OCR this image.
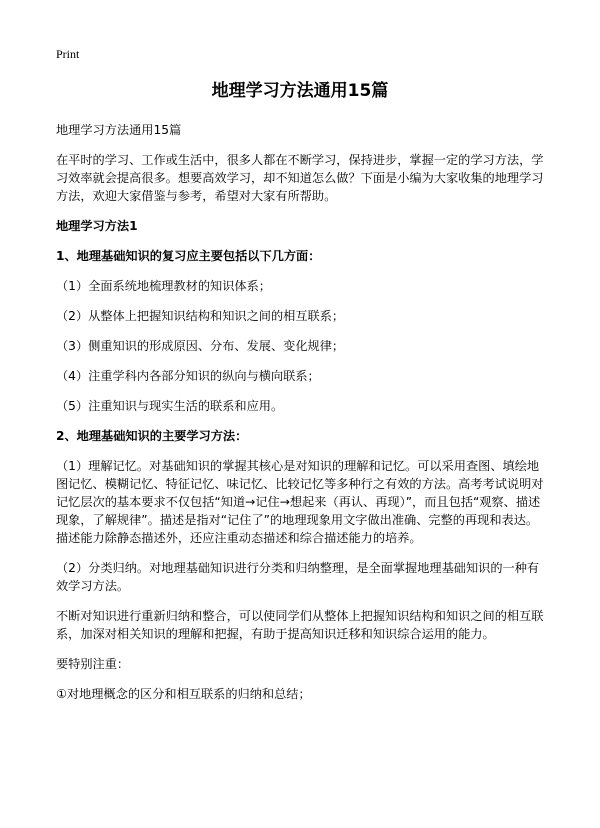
Print
地理学习方法通用15篇

地理学习方法通用15篇

在平时的学习、工作或生活中，很多人都在不断学习，保持进步，掌握一定的学习方法，学习效率就会提高很多。想要高效学习，却不知道怎么做？下面是小编为大家收集的地理学习方法，欢迎大家借鉴与参考，希望对大家有所帮助。

地理学习方法1

1、地理基础知识的复习应主要包括以下几方面：

（1）全面系统地梳理教材的知识体系；

（2）从整体上把握知识结构和知识之间的相互联系；

（3）侧重知识的形成原因、分布、发展、变化规律；

（4）注重学科内各部分知识的纵向与横向联系；

（5）注重知识与现实生活的联系和应用。

2、地理基础知识的主要学习方法：

（1）理解记忆。对基础知识的掌握其核心是对知识的理解和记忆。可以采用查图、填绘地图记忆、模糊记忆、特征记忆、味记忆、比较记忆等多种行之有效的方法。高考考试说明对记忆层次的基本要求不仅包括“知道→记住→想起来（再认、再现）”，而且包括“观察、描述现象，了解规律”。描述是指对“记住了”的地理现象用文字做出准确、完整的再现和表达。描述能力除静态描述外，还应注重动态描述和综合描述能力的培养。

（2）分类归纳。对地理基础知识进行分类和归纳整理，是全面掌握地理基础知识的一种有效学习方法。

不断对知识进行重新归纳和整合，可以使同学们从整体上把握知识结构和知识之间的相互联系，加深对相关知识的理解和把握，有助于提高知识迁移和知识综合运用的能力。

要特别注重：

①对地理概念的区分和相互联系的归纳和总结；
